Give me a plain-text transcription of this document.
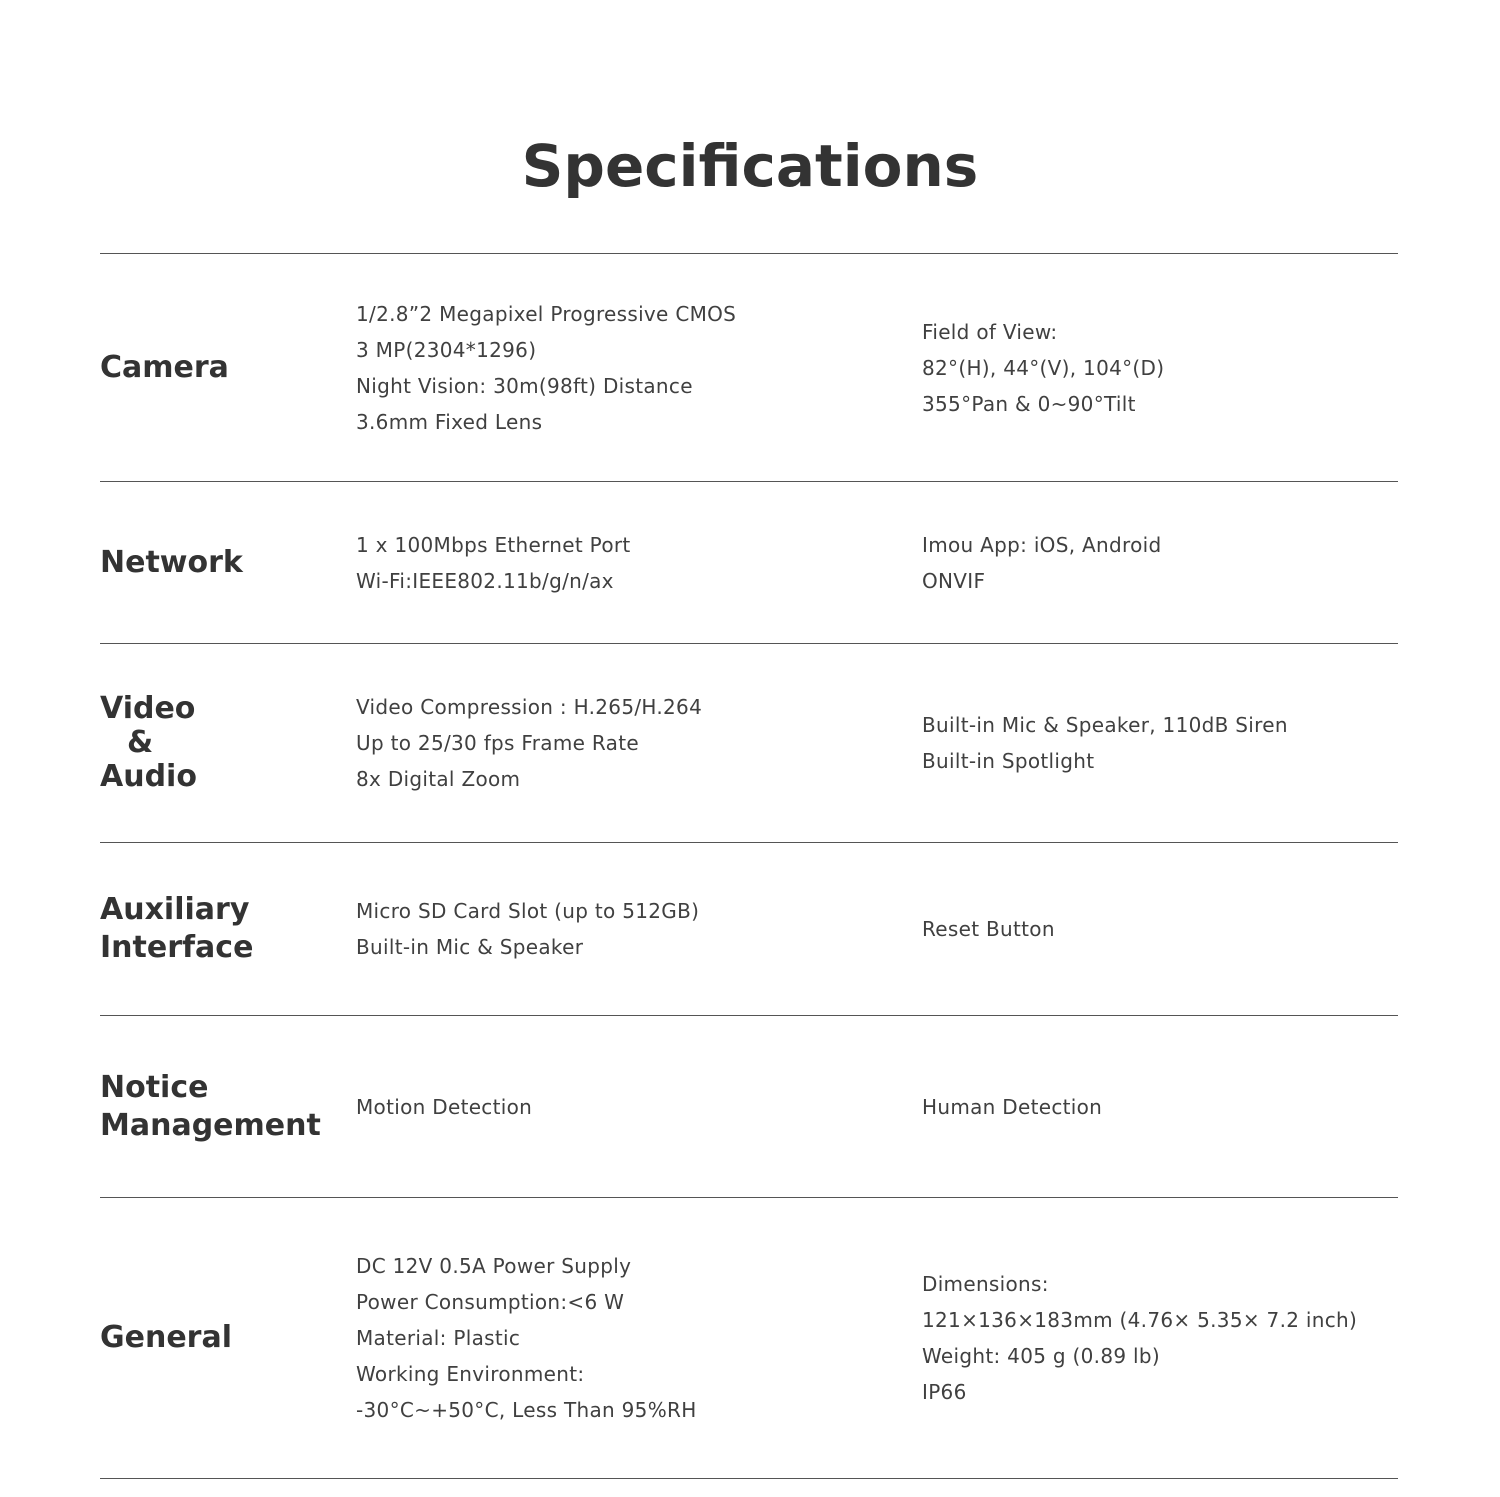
Specifications
Camera
1/2.8”2 Megapixel Progressive CMOS
3 MP(2304*1296)
Night Vision: 30m(98ft) Distance
3.6mm Fixed Lens
Field of View:
82°(H), 44°(V), 104°(D)
355°Pan & 0~90°Tilt
Network	1 x 100Mbps Ethernet Port
Wi-Fi:IEEE802.11b/g/n/ax
Imou App: iOS, Android
ONVIF
Video
&
Audio
Video Compression : H.265/H.264
Up to 25/30 fps Frame Rate
8x Digital Zoom
Built-in Mic & Speaker, 110dB Siren
Built-in Spotlight
Auxiliary
Interface
Micro SD Card Slot (up to 512GB)
Built-in Mic & Speaker
Reset Button
Notice
Management
Motion Detection	Human Detection
General
DC 12V 0.5A Power Supply
Power Consumption:<6 W
Material: Plastic
Working Environment:
-30°C~+50°C, Less Than 95%RH
Dimensions:
121×136×183mm (4.76× 5.35× 7.2 inch)
Weight: 405 g (0.89 lb)
IP66
